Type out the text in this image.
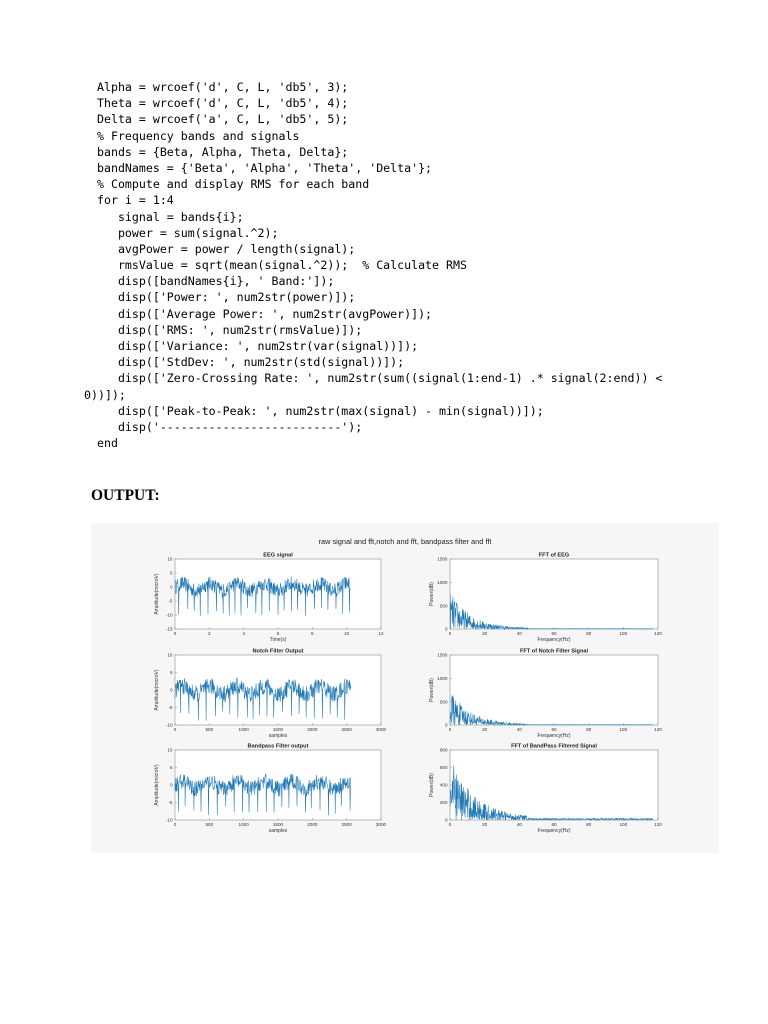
Alpha = wrcoef('d', C, L, 'db5', 3);
Theta = wrcoef('d', C, L, 'db5', 4);
Delta = wrcoef('a', C, L, 'db5', 5);
% Frequency bands and signals
bands = {Beta, Alpha, Theta, Delta};
bandNames = {'Beta', 'Alpha', 'Theta', 'Delta'};
% Compute and display RMS for each band
for i = 1:4
signal = bands{i};
power = sum(signal.^2);
avgPower = power / length(signal);
rmsValue = sqrt(mean(signal.^2));  % Calculate RMS
disp([bandNames{i}, ' Band:']);
disp(['Power: ', num2str(power)]);
disp(['Average Power: ', num2str(avgPower)]);
disp(['RMS: ', num2str(rmsValue)]);
disp(['Variance: ', num2str(var(signal))]);
disp(['StdDev: ', num2str(std(signal))]);
disp(['Zero-Crossing Rate: ', num2str(sum((signal(1:end-1) .* signal(2:end)) <
0))]);
disp(['Peak-to-Peak: ', num2str(max(signal) - min(signal))]);
disp('--------------------------');
end
OUTPUT:
raw signal and fft,notch and fft, bandpass filter and fft
EEG signal
0	2	4	6	8	10	12
10
5
0
-5
-10
-15
Time(s)
Amplitude(microV)
FFT of EEG
0	20	40	60	80	100	120
1500
1000
500
0
Frequency(Hz)
Power(dB)
Notch Filter Output
0	500	1000	1500	2000	2500	3000
10
5
0
-5
-10
samples
Amplitude(microV)
FFT of Notch Filter Signal
0	20	40	60	80	100	120
1500
1000
500
0
Frequency(Hz)
Power(dB)
Bandpass Filter output
0	500	1000	1500	2000	2500	3000
10
5
0
-5
-10
samples
Amplitude(microV)
FFT of BandPass Filtered Signal
0	20	40	60	80	100	120
800
600
400
200
0
Frequency(Hz)
Power(dB)
